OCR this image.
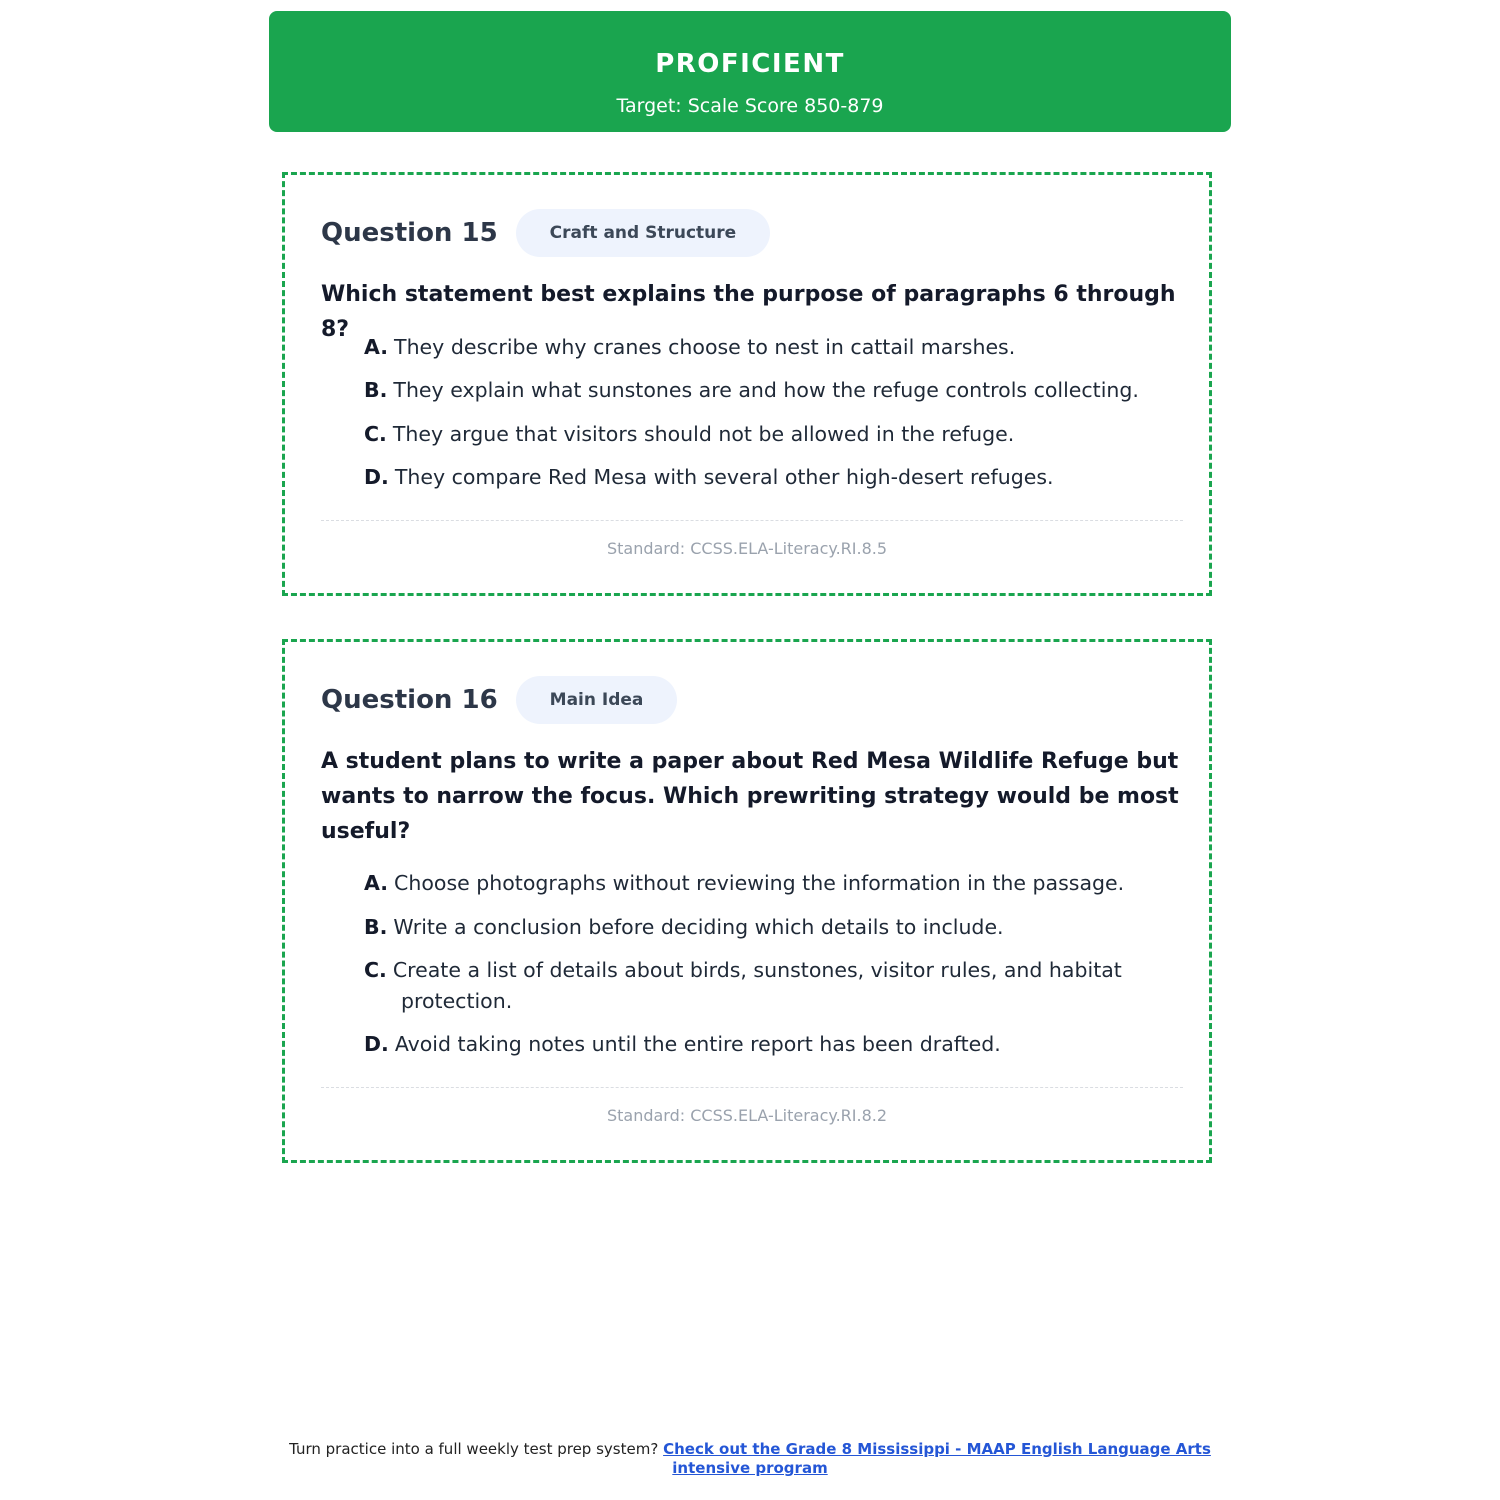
PROFICIENT
Target: Scale Score 850-879
Question 15	Craft and Structure
Which statement best explains the purpose of paragraphs 6 through 8?
A. They describe why cranes choose to nest in cattail marshes.
B. They explain what sunstones are and how the refuge controls collecting.
C. They argue that visitors should not be allowed in the refuge.
D. They compare Red Mesa with several other high-desert refuges.
Standard: CCSS.ELA-Literacy.RI.8.5
Question 16	Main Idea
A student plans to write a paper about Red Mesa Wildlife Refuge but wants to narrow the focus. Which prewriting strategy would be most useful?
A. Choose photographs without reviewing the information in the passage.
B. Write a conclusion before deciding which details to include.
C. Create a list of details about birds, sunstones, visitor rules, and habitat
protection.
D. Avoid taking notes until the entire report has been drafted.
Standard: CCSS.ELA-Literacy.RI.8.2
Turn practice into a full weekly test prep system? Check out the Grade 8 Mississippi - MAAP English Language Arts intensive program
